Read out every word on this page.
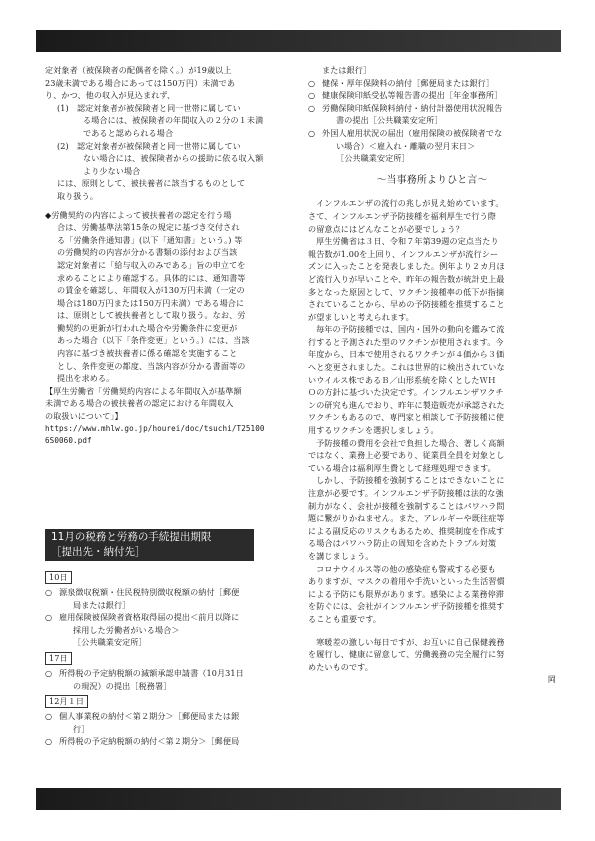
定対象者（被保険者の配偶者を除く。）が19歳以上

23歳未満である場合にあっては150万円）未満であ

り、かつ、他の収入が見込まれず、

(1)　認定対象者が被保険者と同一世帯に属してい

る場合には、被保険者の年間収入の２分の１未満

であると認められる場合

(2)　認定対象者が被保険者と同一世帯に属してい

ない場合には、被保険者からの援助に依る収入額

より少ない場合

には、原則として、被扶養者に該当するものとして

取り扱う。

◆労働契約の内容によって被扶養者の認定を行う場

合は、労働基準法第15条の規定に基づき交付され

る「労働条件通知書」(以下「通知書」という。) 等

の労働契約の内容が分かる書類の添付および当該

認定対象者に「給与収入のみである」旨の申立てを

求めることにより確認する。具体的には、通知書等

の賃金を確認し、年間収入が130万円未満（一定の

場合は180万円または150万円未満）である場合に

は、原則として被扶養者として取り扱う。なお、労

働契約の更新が行われた場合や労働条件に変更が

あった場合（以下「条件変更」という。）には、当該

内容に基づき被扶養者に係る確認を実施すること

とし、条件変更の都度、当該内容が分かる書面等の

提出を求める。

【厚生労働省「労働契約内容による年間収入が基準額

未満である場合の被扶養者の認定における年間収入

の取扱いについて」】

https://www.mhlw.go.jp/hourei/doc/tsuchi/T25100

6S0060.pdf

11月の税務と労務の手続提出期限
［提出先・納付先］
10日

○ 源泉徴収税額・住民税特別徴収税額の納付［郵便

局または銀行］

○ 雇用保険被保険者資格取得届の提出＜前月以降に

採用した労働者がいる場合＞

［公共職業安定所］

17日

○ 所得税の予定納税額の減額承認申請書（10月31日

の現況）の提出［税務署］

12月１日

○ 個人事業税の納付＜第２期分＞［郵便局または銀

行］

○ 所得税の予定納税額の納付＜第２期分＞［郵便局

または銀行］

○ 健保・厚年保険料の納付［郵便局または銀行］

○ 健康保険印紙受払等報告書の提出［年金事務所］

○ 労働保険印紙保険料納付・納付計器使用状況報告

書の提出［公共職業安定所］

○ 外国人雇用状況の届出（雇用保険の被保険者でな

い場合）＜雇入れ・離職の翌月末日＞

［公共職業安定所］

～当事務所よりひと言～

インフルエンザの流行の兆しが見え始めています。

さて、インフルエンザ予防接種を福利厚生で行う際

の留意点にはどんなことが必要でしょう？

厚生労働省は３日、令和７年第39週の定点当たり

報告数が1.00を上回り、インフルエンザが流行シー

ズンに入ったことを発表しました。例年より２カ月ほ

ど流行入りが早いことや、昨年の報告数が統計史上最

多となった原因として、ワクチン接種率の低下が指摘

されていることから、早めの予防接種を推奨すること

が望ましいと考えられます。

毎年の予防接種では、国内・国外の動向を鑑みて流

行すると予測された型のワクチンが使用されます。今

年度から、日本で使用されるワクチンが４価から３価

へと変更されました。これは世界的に検出されていな

いウイルス株であるＢ／山形系統を除くとしたＷＨ

Ｏの方針に基づいた決定です。インフルエンザワクチ

ンの研究も進んでおり、昨年に製造販売が承認された

ワクチンもあるので、専門家と相談して予防接種に使

用するワクチンを選択しましょう。

予防接種の費用を会社で負担した場合、著しく高額

ではなく、業務上必要であり、従業員全員を対象とし

ている場合は福利厚生費として経理処理できます。

しかし、予防接種を強制することはできないことに

注意が必要です。インフルエンザ予防接種は法的な強

制力がなく、会社が接種を強制することはパワハラ問

題に繋がりかねません。また、アレルギーや既往症等

による副反応のリスクもあるため、推奨制度を作成す

る場合はパワハラ防止の周知を含めたトラブル対策

を講じましょう。

コロナウイルス等の他の感染症も警戒する必要も

ありますが、マスクの着用や手洗いといった生活習慣

による予防にも限界があります。感染による業務停滞

を防ぐには、会社がインフルエンザ予防接種を推奨す

ることも重要です。

寒暖差の激しい毎日ですが、お互いに自己保健義務

を履行し、健康に留意して、労働義務の完全履行に努

めたいものです。

岡
